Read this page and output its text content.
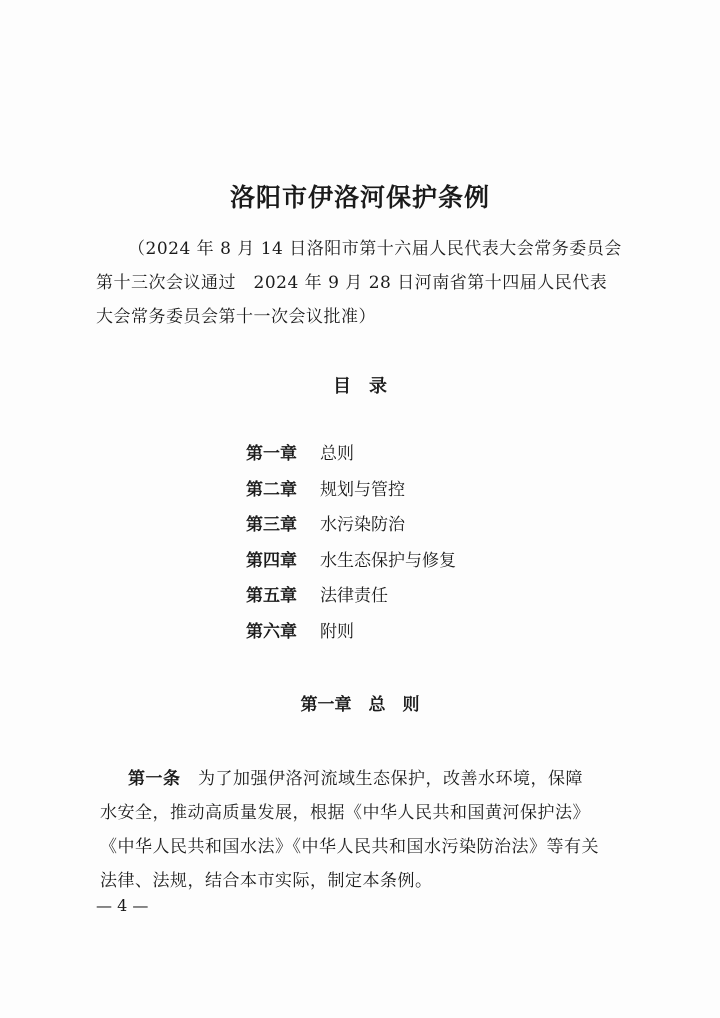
洛阳市伊洛河保护条例
（2024 年 8 月 14 日洛阳市第十六届人民代表大会常务委员会
第十三次会议通过　2024 年 9 月 28 日河南省第十四届人民代表
大会常务委员会第十一次会议批准）
目　录
第一章 总则
第二章 规划与管控
第三章 水污染防治
第四章 水生态保护与修复
第五章 法律责任
第六章 附则
第一章　总　则
第一条　为了加强伊洛河流域生态保护，改善水环境，保障
水安全，推动高质量发展，根据《中华人民共和国黄河保护法》
《中华人民共和国水法》《中华人民共和国水污染防治法》等有关
法律、法规，结合本市实际，制定本条例。
— 4 —
